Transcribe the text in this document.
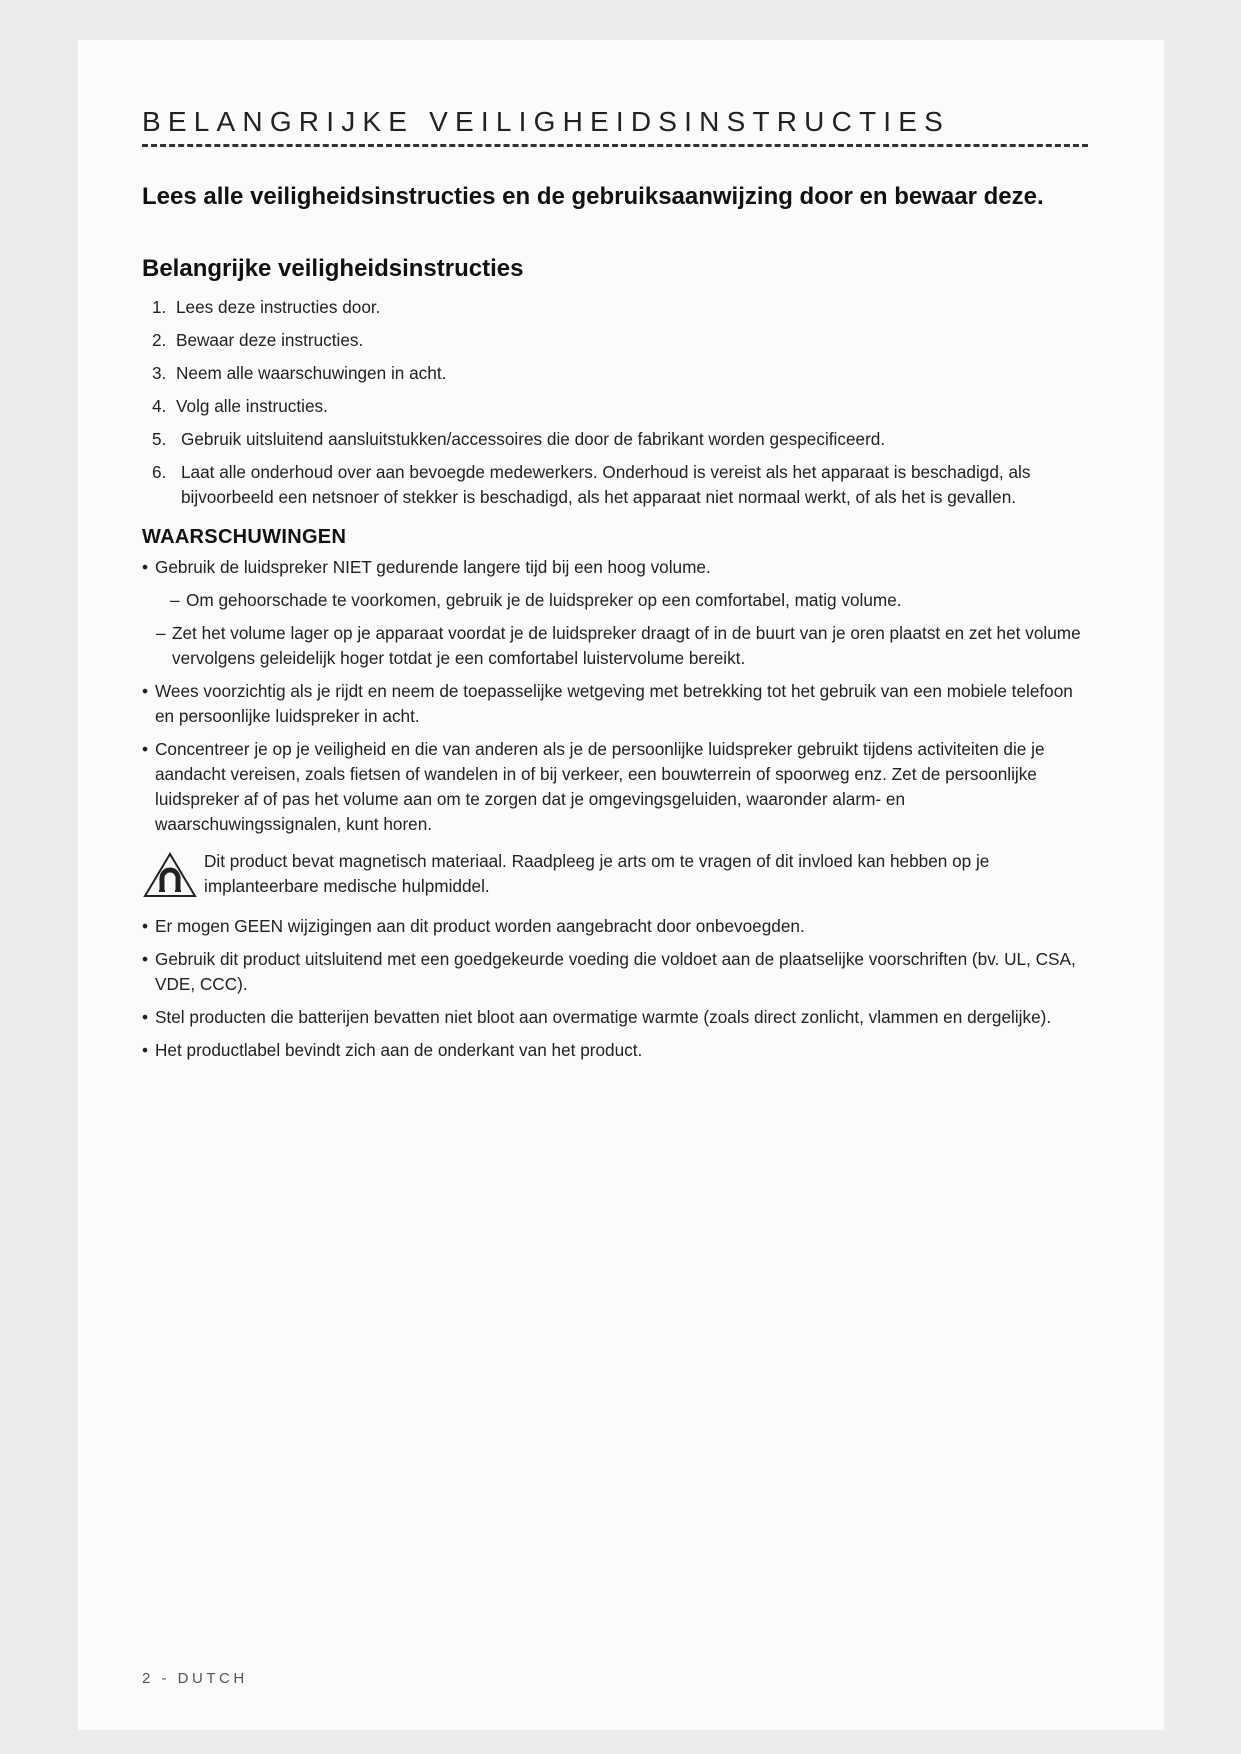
BELANGRIJKE VEILIGHEIDSINSTRUCTIES

Lees alle veiligheidsinstructies en de gebruiksaanwijzing door en bewaar deze.

Belangrijke veiligheidsinstructies
1. Lees deze instructies door.
2. Bewaar deze instructies.
3. Neem alle waarschuwingen in acht.
4. Volg alle instructies.
5. Gebruik uitsluitend aansluitstukken/accessoires die door de fabrikant worden gespecificeerd.
6. Laat alle onderhoud over aan bevoegde medewerkers. Onderhoud is vereist als het apparaat is beschadigd, als bijvoorbeeld een netsnoer of stekker is beschadigd, als het apparaat niet normaal werkt, of als het is gevallen.
WAARSCHUWINGEN
• Gebruik de luidspreker NIET gedurende langere tijd bij een hoog volume.
– Om gehoorschade te voorkomen, gebruik je de luidspreker op een comfortabel, matig volume.
– Zet het volume lager op je apparaat voordat je de luidspreker draagt of in de buurt van je oren plaatst en zet het volume vervolgens geleidelijk hoger totdat je een comfortabel luistervolume bereikt.
• Wees voorzichtig als je rijdt en neem de toepasselijke wetgeving met betrekking tot het gebruik van een mobiele telefoon en persoonlijke luidspreker in acht.
• Concentreer je op je veiligheid en die van anderen als je de persoonlijke luidspreker gebruikt tijdens activiteiten die je aandacht vereisen, zoals fietsen of wandelen in of bij verkeer, een bouwterrein of spoorweg enz. Zet de persoonlijke luidspreker af of pas het volume aan om te zorgen dat je omgevingsgeluiden, waaronder alarm- en waarschuwingssignalen, kunt horen.
Dit product bevat magnetisch materiaal. Raadpleeg je arts om te vragen of dit invloed kan hebben op je implanteerbare medische hulpmiddel.
• Er mogen GEEN wijzigingen aan dit product worden aangebracht door onbevoegden.
• Gebruik dit product uitsluitend met een goedgekeurde voeding die voldoet aan de plaatselijke voorschriften (bv. UL, CSA, VDE, CCC).
• Stel producten die batterijen bevatten niet bloot aan overmatige warmte (zoals direct zonlicht, vlammen en dergelijke).
• Het productlabel bevindt zich aan de onderkant van het product.
2 - DUTCH
